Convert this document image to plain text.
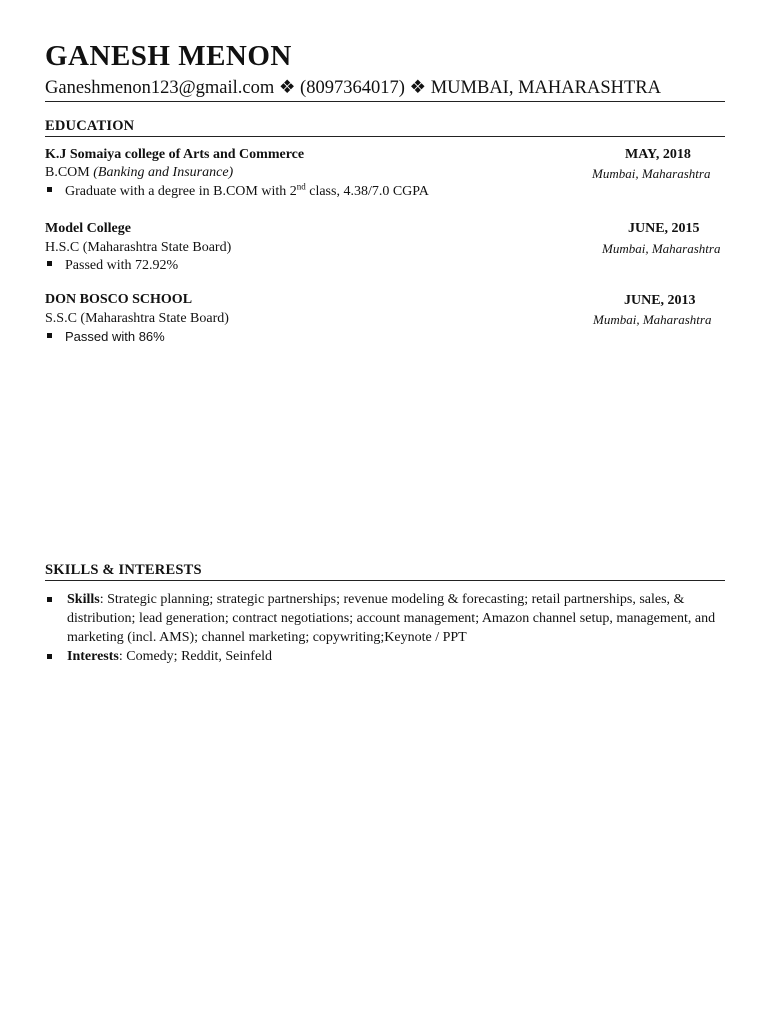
GANESH MENON
Ganeshmenon123@gmail.com ❖ (8097364017) ❖ MUMBAI, MAHARASHTRA
EDUCATION
K.J Somaiya college of Arts and Commerce	MAY, 2018
B.COM (Banking and Insurance)	Mumbai, Maharashtra
Graduate with a degree in B.COM with 2nd class, 4.38/7.0 CGPA
Model College	JUNE, 2015
H.S.C (Maharashtra State Board)	Mumbai, Maharashtra
Passed with 72.92%
DON BOSCO SCHOOL	JUNE, 2013
S.S.C (Maharashtra State Board)	Mumbai, Maharashtra
Passed with 86%
SKILLS & INTERESTS
Skills: Strategic planning; strategic partnerships; revenue modeling & forecasting; retail partnerships, sales, & distribution; lead generation; contract negotiations; account management; Amazon channel setup, management, and marketing (incl. AMS); channel marketing; copywriting;Keynote / PPT
Interests: Comedy; Reddit, Seinfeld
